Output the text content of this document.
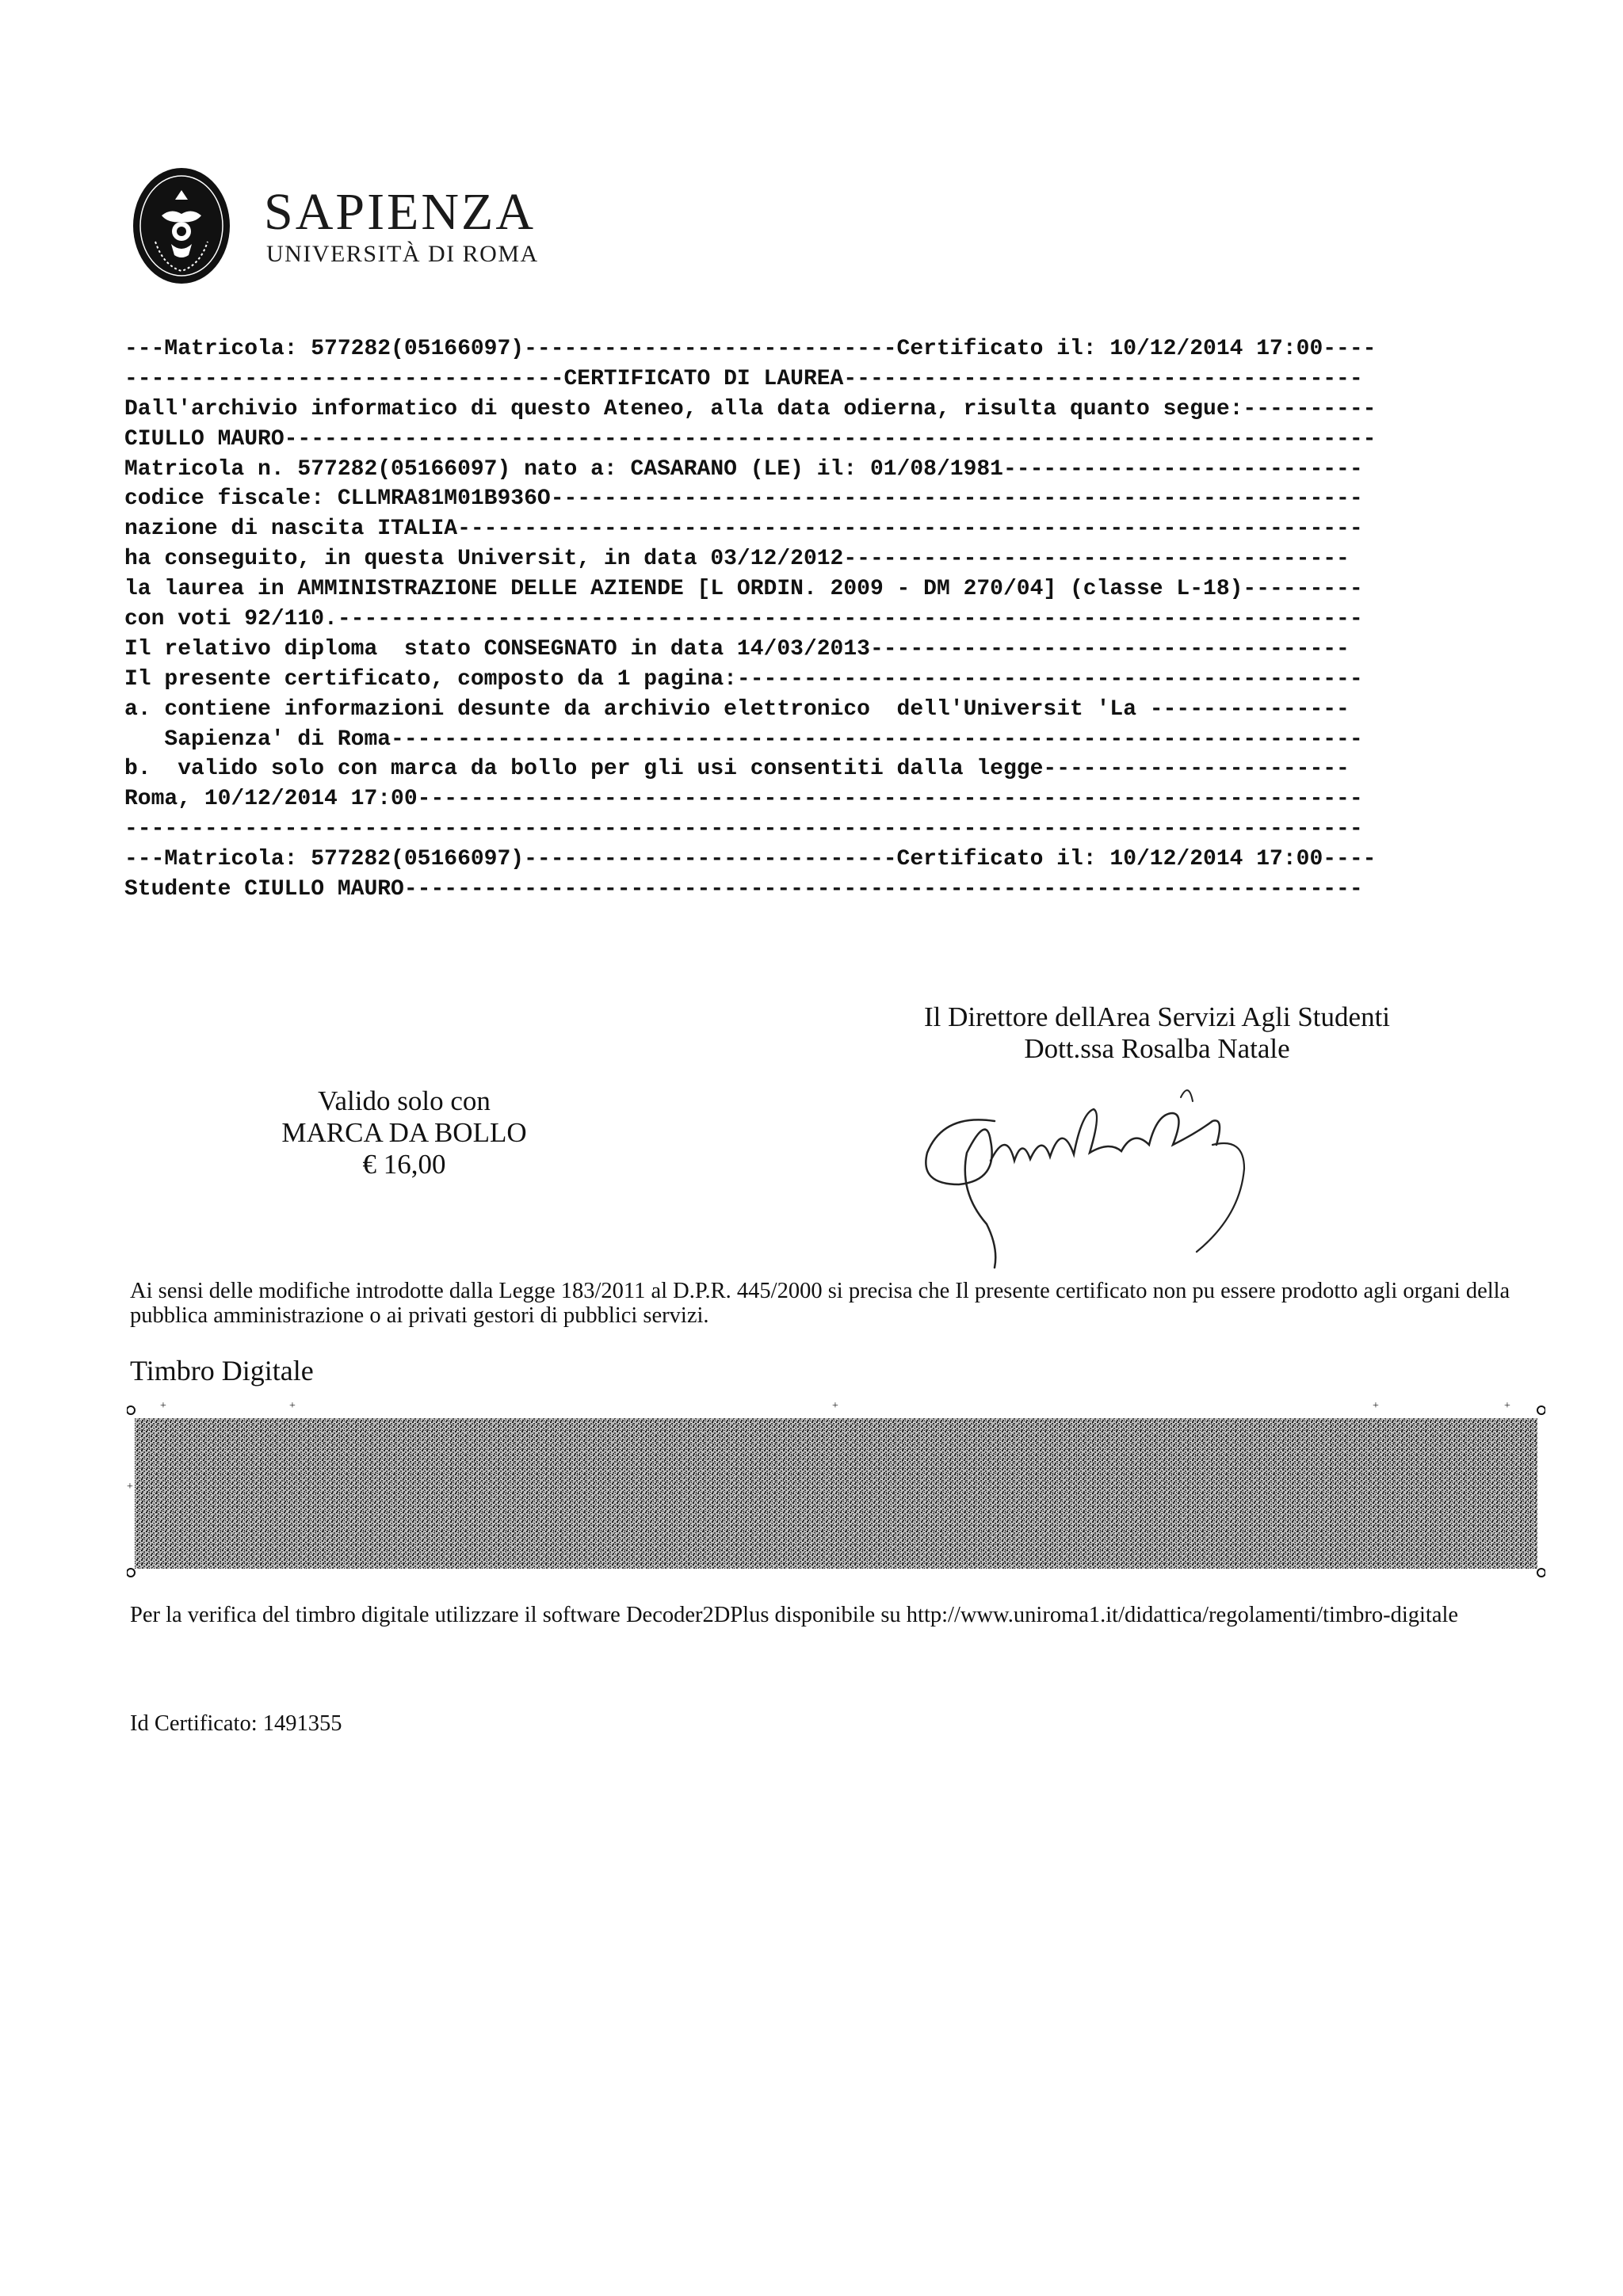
SAPIENZA
UNIVERSITÀ DI ROMA
---Matricola: 577282(05166097)----------------------------Certificato il: 10/12/2014 17:00----
---------------------------------CERTIFICATO DI LAUREA---------------------------------------
Dall'archivio informatico di questo Ateneo, alla data odierna, risulta quanto segue:----------
CIULLO MAURO----------------------------------------------------------------------------------
Matricola n. 577282(05166097) nato a: CASARANO (LE) il: 01/08/1981---------------------------
codice fiscale: CLLMRA81M01B936O-------------------------------------------------------------
nazione di nascita ITALIA--------------------------------------------------------------------
ha conseguito, in questa Universit, in data 03/12/2012--------------------------------------
la laurea in AMMINISTRAZIONE DELLE AZIENDE [L ORDIN. 2009 - DM 270/04] (classe L-18)---------
con voti 92/110.-----------------------------------------------------------------------------
Il relativo diploma  stato CONSEGNATO in data 14/03/2013------------------------------------
Il presente certificato, composto da 1 pagina:-----------------------------------------------
a. contiene informazioni desunte da archivio elettronico  dell'Universit 'La ---------------
Sapienza' di Roma-------------------------------------------------------------------------
b.  valido solo con marca da bollo per gli usi consentiti dalla legge-----------------------
Roma, 10/12/2014 17:00-----------------------------------------------------------------------
---------------------------------------------------------------------------------------------
---Matricola: 577282(05166097)----------------------------Certificato il: 10/12/2014 17:00----
Studente CIULLO MAURO------------------------------------------------------------------------
Il Direttore dellArea Servizi Agli Studenti
Dott.ssa Rosalba Natale
Valido solo con
MARCA DA BOLLO
€ 16,00
Ai sensi delle modifiche introdotte dalla Legge 183/2011 al D.P.R. 445/2000 si precisa che Il presente certificato non pu essere prodotto agli organi della pubblica amministrazione o ai privati gestori di pubblici servizi.
Timbro Digitale
+	+	+	+	+
+
Per la verifica del timbro digitale utilizzare il software Decoder2DPlus disponibile su http://www.uniroma1.it/didattica/regolamenti/timbro-digitale
Id Certificato: 1491355
